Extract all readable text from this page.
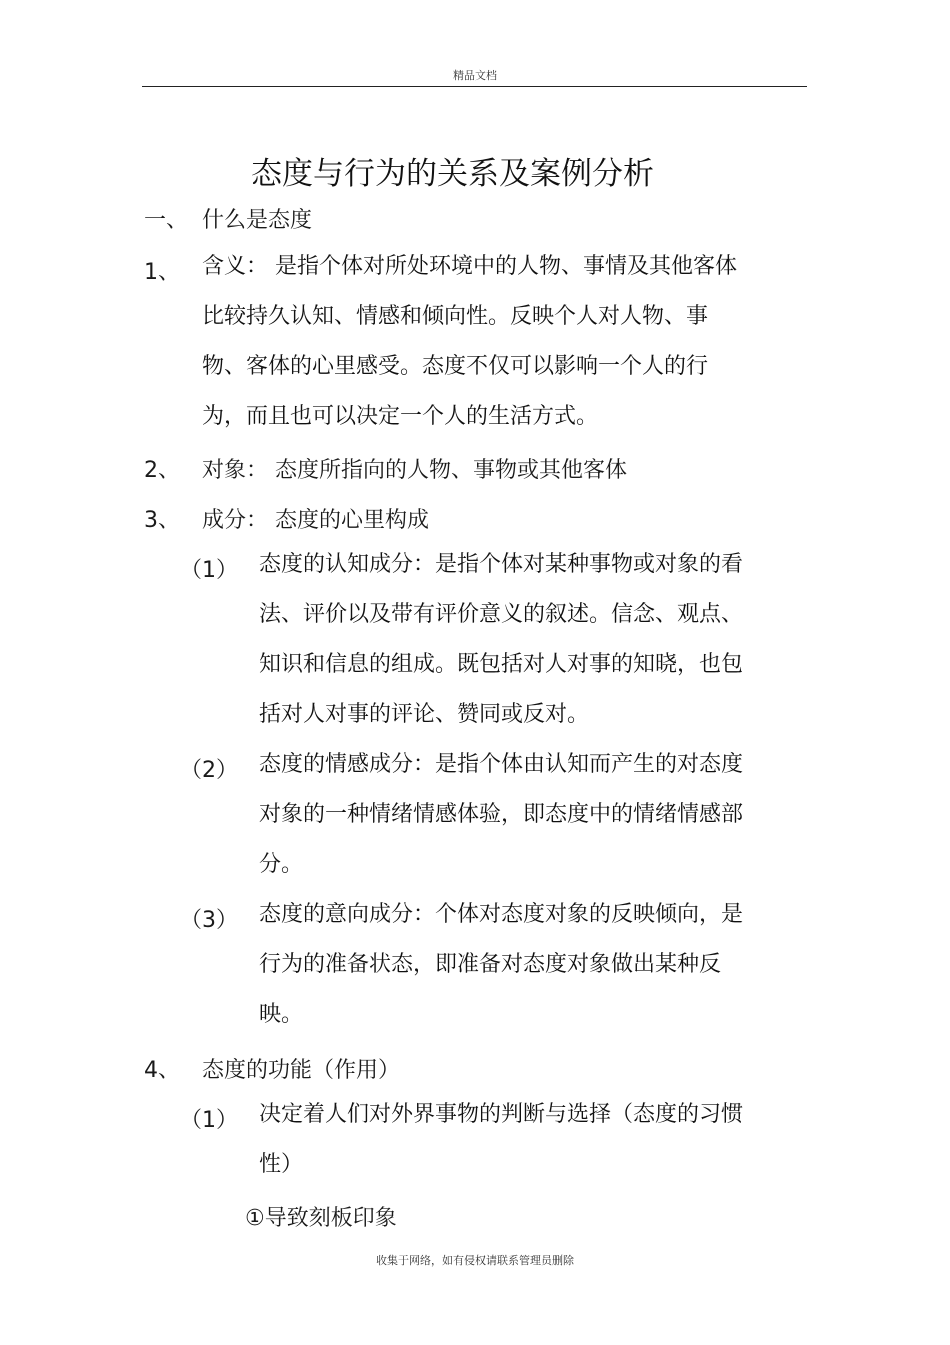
精品文档
态度与行为的关系及案例分析
一、 什么是态度
1、 含义： 是指个体对所处环境中的人物、事情及其他客体比较持久认知、情感和倾向性。反映个人对人物、事物、客体的心里感受。态度不仅可以影响一个人的行为，而且也可以决定一个人的生活方式。

2、 对象： 态度所指向的人物、事物或其他客体
3、 成分： 态度的心里构成
（1） 态度的认知成分：是指个体对某种事物或对象的看法、评价以及带有评价意义的叙述。信念、观点、知识和信息的组成。既包括对人对事的知晓，也包括对人对事的评论、赞同或反对。

（2） 态度的情感成分：是指个体由认知而产生的对态度对象的一种情绪情感体验，即态度中的情绪情感部分。

（3） 态度的意向成分：个体对态度对象的反映倾向，是行为的准备状态，即准备对态度对象做出某种反映。

4、 态度的功能（作用）
（1） 决定着人们对外界事物的判断与选择（态度的习惯性）

①导致刻板印象
收集于网络，如有侵权请联系管理员删除
